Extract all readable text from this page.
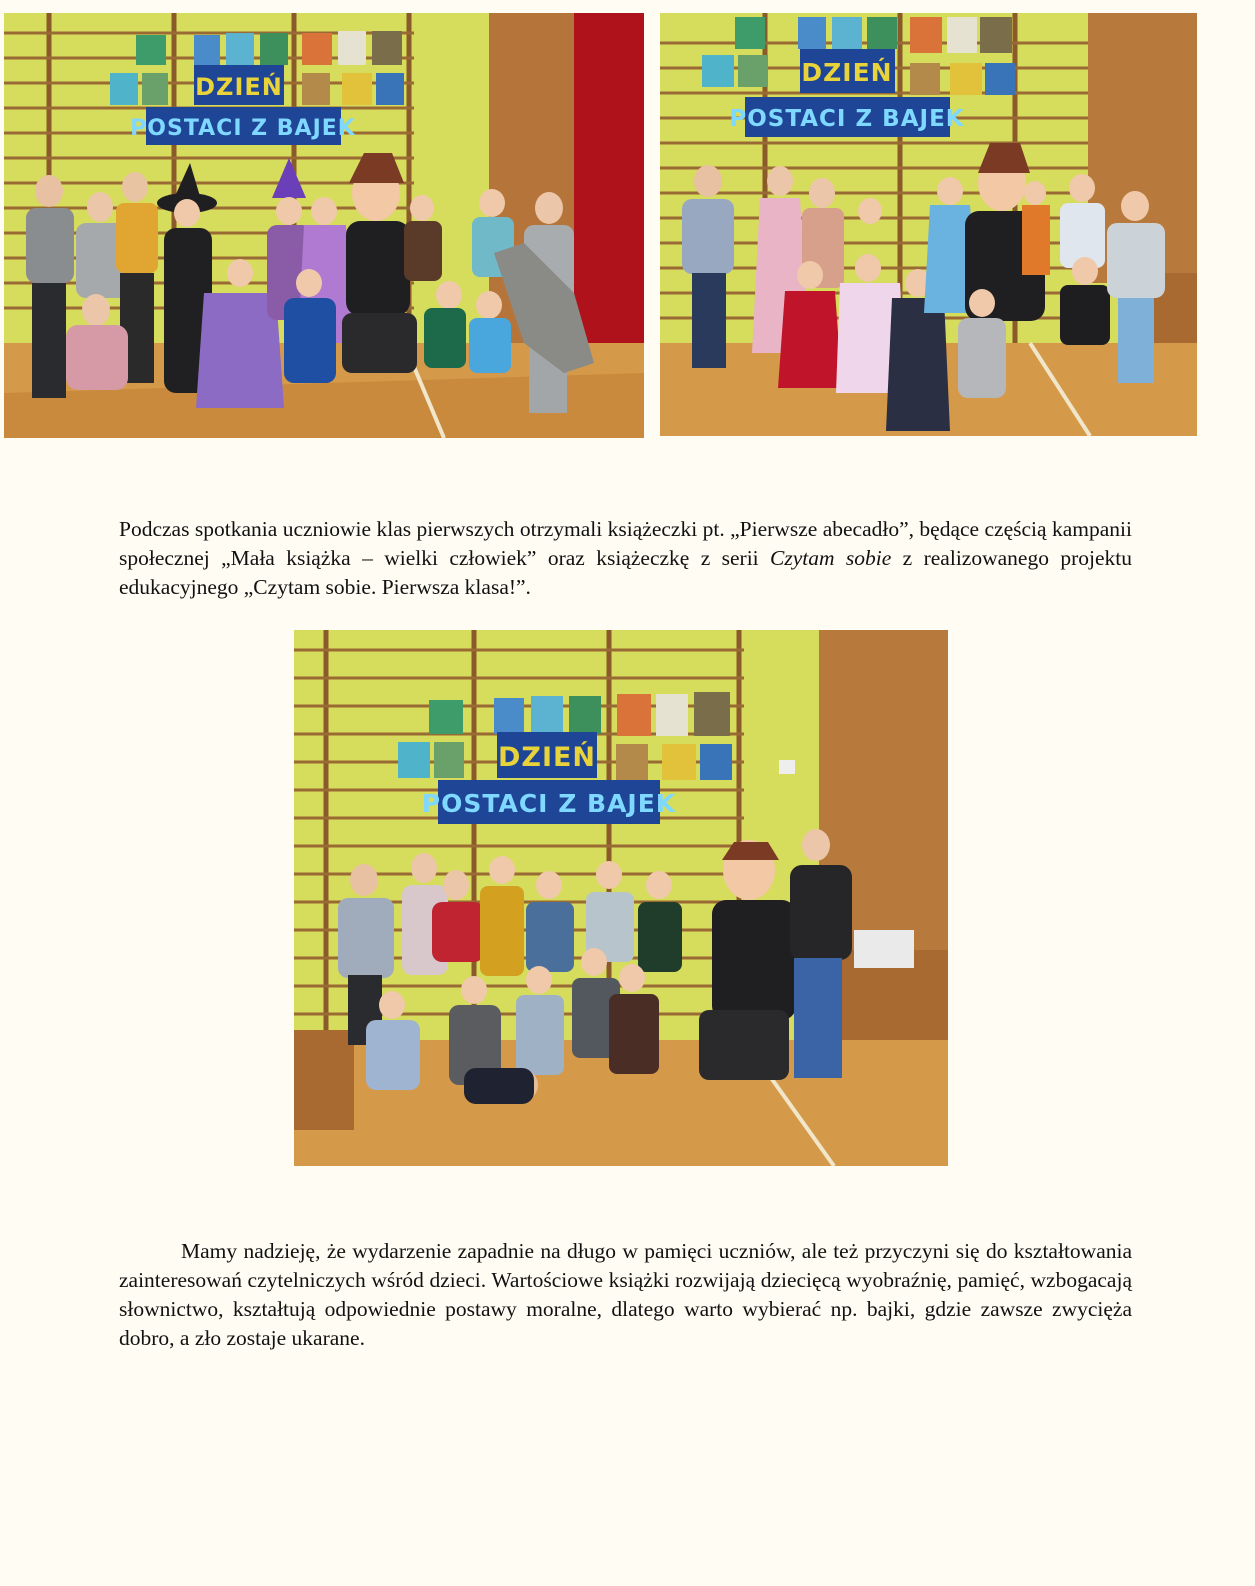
DZIEŃ
POSTACI Z BAJEK
DZIEŃ
POSTACI Z BAJEK

Podczas spotkania uczniowie klas pierwszych otrzymali książeczki pt. „Pierwsze abecadło”, będące częścią kampanii społecznej „Mała książka – wielki człowiek” oraz książeczkę z serii Czytam sobie z realizowanego projektu edukacyjnego „Czytam sobie. Pierwsza klasa!”.

DZIEŃ
POSTACI Z BAJEK

Mamy nadzieję, że wydarzenie zapadnie na długo w pamięci uczniów, ale też przyczyni się do kształtowania zainteresowań czytelniczych wśród dzieci. Wartościowe książki rozwijają dziecięcą wyobraźnię, pamięć, wzbogacają słownictwo, kształtują odpowiednie postawy moralne, dlatego warto wybierać np. bajki, gdzie zawsze zwycięża dobro, a zło zostaje ukarane.
